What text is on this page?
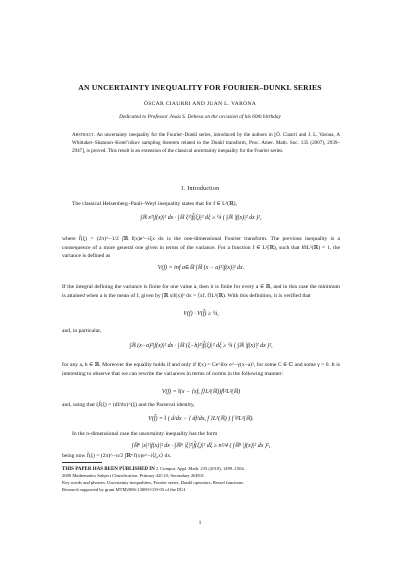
AN UNCERTAINTY INEQUALITY FOR FOURIER–DUNKL SERIES
ÓSCAR CIAURRI AND JUAN L. VARONA
Dedicated to Professor Jesús S. Dehesa on the occasion of his 60th birthday
Abstract. An uncertainty inequality for the Fourier–Dunkl series, introduced by the authors in [Ó. Ciaurri and J. L. Varona, A Whittaker–Shannon–Kotel’nikov sampling theorem related to the Dunkl transform, Proc. Amer. Math. Soc. 135 (2007), 2939–2947], is proved. This result is an extension of the classical uncertainty inequality for the Fourier series.
1. Introduction
The classical Heisenberg–Pauli–Weyl inequality states that for f ∈ L²(ℝ),
∫ℝ x²|f(x)|² dx · ∫ℝ ξ²|f̂(ξ)|² dξ ≥ ¼ ( ∫ℝ |f(x)|² dx )²,
where f̂(ξ) = (2π)^−1/2 ∫ℝ f(x)e^−iξx dx is the one-dimensional Fourier transform. The previous inequality is a consequence of a more general one given in terms of the variance. For a function f ∈ L²(ℝ), such that ‖f‖L²(ℝ) = 1, the variance is defined as
V(f) = inf a∈ℝ ∫ℝ (x − a)²|f(x)|² dx.
If the integral defining the variance is finite for one value a, then it is finite for every a ∈ ℝ, and in this case the minimum is attained when a is the mean of f, given by ∫ℝ x|f(x)|² dx = ⟨xf, f⟩L²(ℝ). With this definition, it is verified that
V(f) · V(f̂) ≥ ¼,
and, in particular,
∫ℝ (x−a)²|f(x)|² dx · ∫ℝ (ξ−b)²|f̂(ξ)|² dξ ≥ ¼ ( ∫ℝ |f(x)|² dx )²,
for any a, b ∈ ℝ. Moreover the equality holds if and only if f(x) = Ce^ibx e^−γ(x−a)², for some C ∈ ℂ and some γ > 0. It is interesting to observe that we can rewrite the variances in terms of norms in the following manner:
V(f) = ‖(x − ⟨xf, f⟩L²(ℝ))f‖²L²(ℝ)
and, using that ξf̂(ξ) = (df/dx)^(ξ) and the Parseval identity,
V(f̂) = ‖ ( d/dx − ⟨ df/dx, f ⟩L²(ℝ) ) f ‖²L²(ℝ).
In the n-dimensional case the uncertainty inequality has the form
∫ℝⁿ |x|²|f(x)|² dx · ∫ℝⁿ |ξ|²|f̂(ξ)|² dξ ≥ n²/4 ( ∫ℝⁿ |f(x)|² dx )²,
being now f̂(ξ) = (2π)^−n/2 ∫ℝⁿ f(x)e^−i⟨ξ,x⟩ dx.
THIS PAPER HAS BEEN PUBLISHED IN J. Comput. Appl. Math. 233 (2010), 1499–1504.
2000 Mathematics Subject Classification. Primary 42C10; Secondary 26D10.
Key words and phrases. Uncertainty inequalities, Fourier series, Dunkl operators, Bessel functions.
Research supported by grant MTM2006-13000-C03-03 of the DGI.
1
